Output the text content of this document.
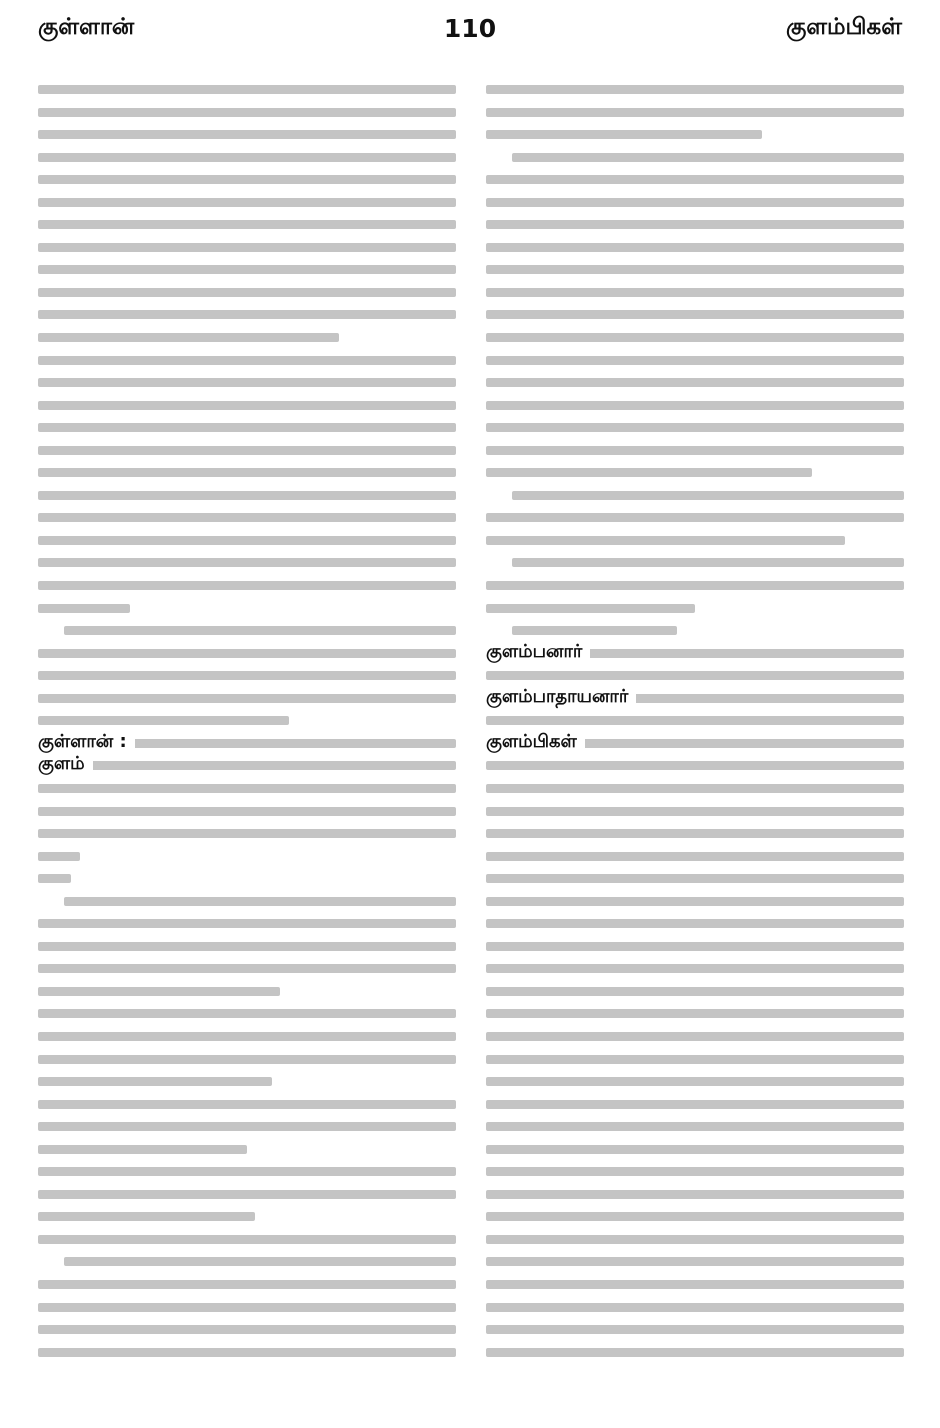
குள்ளான்	110	குளம்பிகள்
குள்ளான் :
குளம்
குளம்பனார்
குளம்பாதாயனார்
குளம்பிகள்
